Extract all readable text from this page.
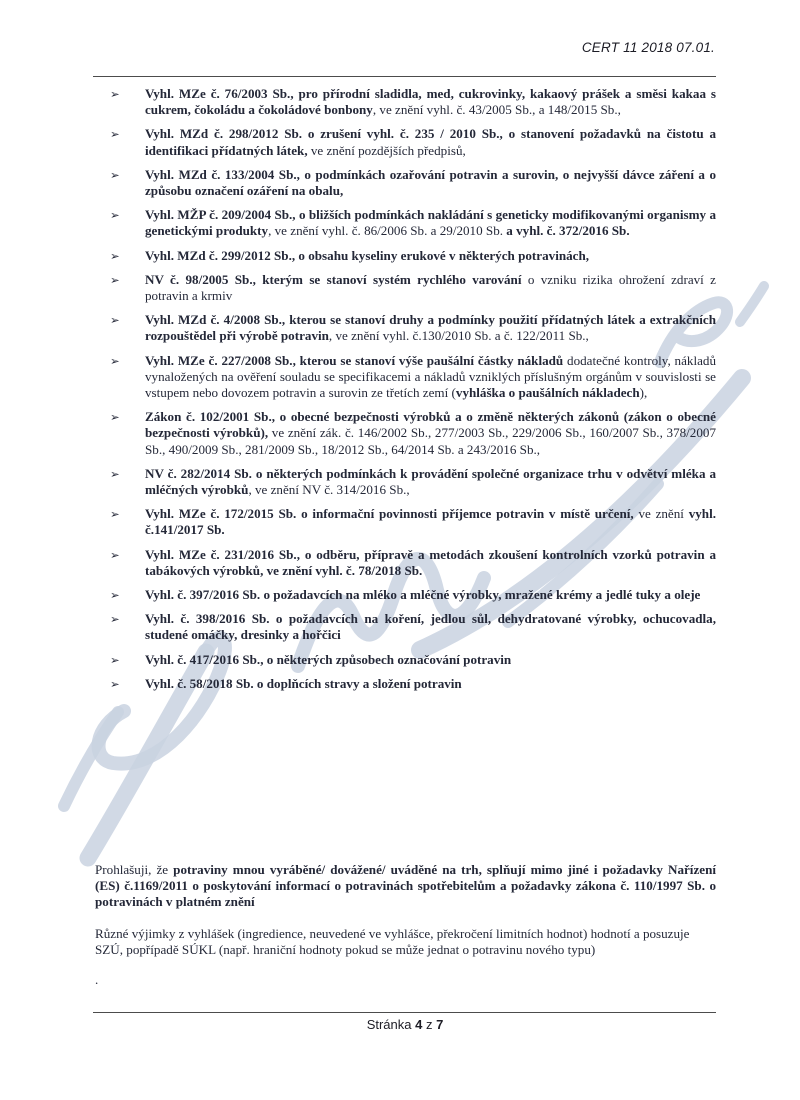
CERT 11 2018 07.01.
➢	Vyhl. MZe č. 76/2003 Sb., pro přírodní sladidla, med, cukrovinky, kakaový prášek a směsi kakaa s cukrem, čokoládu a čokoládové bonbony, ve znění vyhl. č. 43/2005 Sb., a 148/2015 Sb.,
➢	Vyhl. MZd č. 298/2012 Sb. o zrušení vyhl. č. 235 / 2010 Sb., o stanovení požadavků na čistotu a identifikaci přídatných látek, ve znění pozdějších předpisů,
➢	Vyhl. MZd č. 133/2004 Sb., o podmínkách ozařování potravin a surovin, o nejvyšší dávce záření a o způsobu označení ozáření na obalu,
➢	Vyhl. MŽP č. 209/2004 Sb., o bližších podmínkách nakládání s geneticky modifikovanými organismy a genetickými produkty, ve znění vyhl. č. 86/2006 Sb. a 29/2010 Sb. a vyhl. č. 372/2016 Sb.
➢	Vyhl. MZd č. 299/2012 Sb., o obsahu kyseliny erukové v některých potravinách,
➢	NV č. 98/2005 Sb., kterým se stanoví systém rychlého varování o vzniku rizika ohrožení zdraví z potravin a krmiv
➢	Vyhl. MZd č. 4/2008 Sb., kterou se stanoví druhy a podmínky použití přídatných látek a extrakčních rozpouštědel při výrobě potravin, ve znění vyhl. č.130/2010 Sb. a č. 122/2011 Sb.,
➢	Vyhl. MZe č. 227/2008 Sb., kterou se stanoví výše paušální částky nákladů dodatečné kontroly, nákladů vynaložených na ověření souladu se specifikacemi a nákladů vzniklých příslušným orgánům v souvislosti se vstupem nebo dovozem potravin a surovin ze třetích zemí (vyhláška o paušálních nákladech),
➢	Zákon č. 102/2001 Sb., o obecné bezpečnosti výrobků a o změně některých zákonů (zákon o obecné bezpečnosti výrobků), ve znění zák. č. 146/2002 Sb., 277/2003 Sb., 229/2006 Sb., 160/2007 Sb., 378/2007 Sb., 490/2009 Sb., 281/2009 Sb., 18/2012 Sb., 64/2014 Sb. a 243/2016 Sb.,
➢	NV č. 282/2014 Sb. o některých podmínkách k provádění společné organizace trhu v odvětví mléka a mléčných výrobků, ve znění NV č. 314/2016 Sb.,
➢	Vyhl. MZe č. 172/2015 Sb. o informační povinnosti příjemce potravin v místě určení, ve znění vyhl. č.141/2017 Sb.
➢	Vyhl. MZe č. 231/2016 Sb., o odběru, přípravě a metodách zkoušení kontrolních vzorků potravin a tabákových výrobků, ve znění vyhl. č. 78/2018 Sb.
➢	Vyhl. č. 397/2016 Sb. o požadavcích na mléko a mléčné výrobky, mražené krémy a jedlé tuky a oleje
➢	Vyhl. č. 398/2016 Sb. o požadavcích na koření, jedlou sůl, dehydratované výrobky, ochucovadla, studené omáčky, dresinky a hořčici
➢	Vyhl. č. 417/2016 Sb., o některých způsobech označování potravin
➢	Vyhl. č. 58/2018 Sb. o doplňcích stravy a složení potravin

Prohlašuji, že potraviny mnou vyráběné/ dovážené/ uváděné na trh, splňují mimo jiné i požadavky Nařízení (ES) č.1169/2011 o poskytování informací o potravinách spotřebitelům a požadavky zákona č. 110/1997 Sb. o potravinách v platném znění

Různé výjimky z vyhlášek (ingredience, neuvedené ve vyhlášce, překročení limitních hodnot) hodnotí a posuzuje SZÚ, popřípadě SÚKL (např. hraniční hodnoty pokud se může jednat o potravinu nového typu)

.

Stránka 4 z 7
